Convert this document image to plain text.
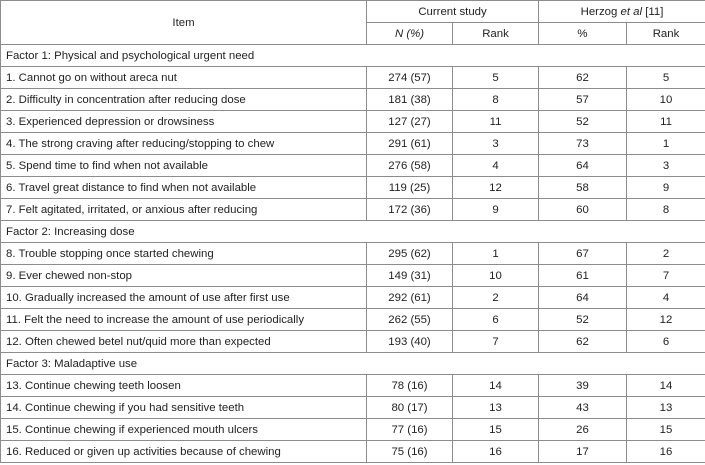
Item	Current study		Herzog et al [11]	
	N (%)	Rank	%	Rank
Factor 1: Physical and psychological urgent need				
1. Cannot go on without areca nut	274 (57)	5	62	5
2. Difficulty in concentration after reducing dose	181 (38)	8	57	10
3. Experienced depression or drowsiness	127 (27)	11	52	11
4. The strong craving after reducing/stopping to chew	291 (61)	3	73	1
5. Spend time to find when not available	276 (58)	4	64	3
6. Travel great distance to find when not available	119 (25)	12	58	9
7. Felt agitated, irritated, or anxious after reducing	172 (36)	9	60	8
Factor 2: Increasing dose				
8. Trouble stopping once started chewing	295 (62)	1	67	2
9. Ever chewed non-stop	149 (31)	10	61	7
10. Gradually increased the amount of use after first use	292 (61)	2	64	4
11. Felt the need to increase the amount of use periodically	262 (55)	6	52	12
12. Often chewed betel nut/quid more than expected	193 (40)	7	62	6
Factor 3: Maladaptive use				
13. Continue chewing teeth loosen	78 (16)	14	39	14
14. Continue chewing if you had sensitive teeth	80 (17)	13	43	13
15. Continue chewing if experienced mouth ulcers	77 (16)	15	26	15
16. Reduced or given up activities because of chewing	75 (16)	16	17	16
